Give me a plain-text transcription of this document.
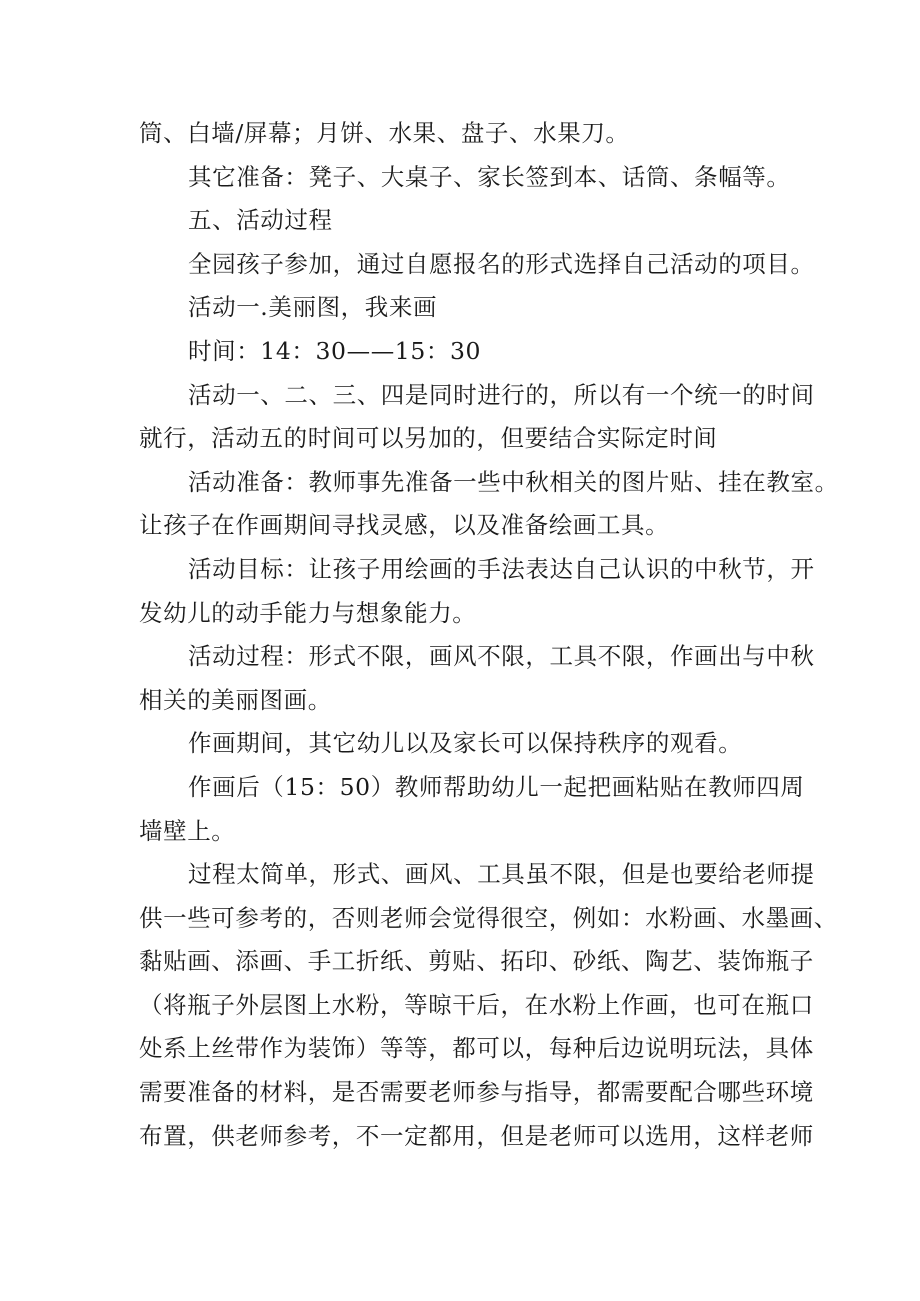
筒、白墙/屏幕；月饼、水果、盘子、水果刀。
其它准备：凳子、大桌子、家长签到本、话筒、条幅等。
五、活动过程
全园孩子参加，通过自愿报名的形式选择自己活动的项目。
活动一.美丽图，我来画
时间：14：30——15：30
活动一、二、三、四是同时进行的，所以有一个统一的时间
就行，活动五的时间可以另加的，但要结合实际定时间
活动准备：教师事先准备一些中秋相关的图片贴、挂在教室。
让孩子在作画期间寻找灵感，以及准备绘画工具。
活动目标：让孩子用绘画的手法表达自己认识的中秋节，开
发幼儿的动手能力与想象能力。
活动过程：形式不限，画风不限，工具不限，作画出与中秋
相关的美丽图画。
作画期间，其它幼儿以及家长可以保持秩序的观看。
作画后（15：50）教师帮助幼儿一起把画粘贴在教师四周
墙壁上。
过程太简单，形式、画风、工具虽不限，但是也要给老师提
供一些可参考的，否则老师会觉得很空，例如：水粉画、水墨画、
黏贴画、添画、手工折纸、剪贴、拓印、砂纸、陶艺、装饰瓶子
（将瓶子外层图上水粉，等晾干后，在水粉上作画，也可在瓶口
处系上丝带作为装饰）等等，都可以，每种后边说明玩法，具体
需要准备的材料，是否需要老师参与指导，都需要配合哪些环境
布置，供老师参考，不一定都用，但是老师可以选用，这样老师
